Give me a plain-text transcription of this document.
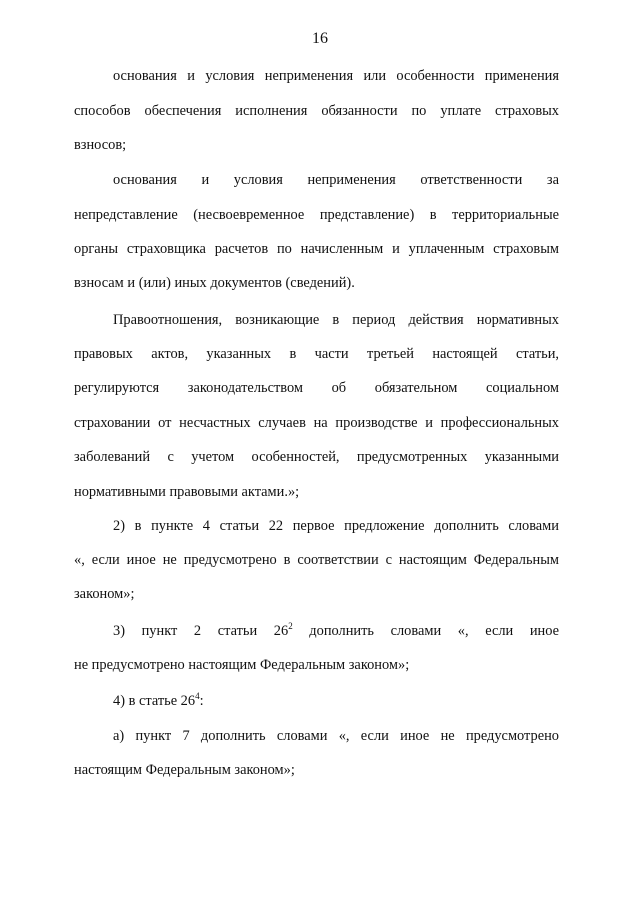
16
основания и условия неприменения или особенности применения
способов обеспечения исполнения обязанности по уплате страховых
взносов;
основания и условия неприменения ответственности за
непредставление (несвоевременное представление) в территориальные
органы страховщика расчетов по начисленным и уплаченным страховым
взносам и (или) иных документов (сведений).
Правоотношения, возникающие в период действия нормативных
правовых актов, указанных в части третьей настоящей статьи,
регулируются законодательством об обязательном социальном
страховании от несчастных случаев на производстве и профессиональных
заболеваний с учетом особенностей, предусмотренных указанными
нормативными правовыми актами.»;
2) в пункте 4 статьи 22 первое предложение дополнить словами
«, если иное не предусмотрено в соответствии с настоящим Федеральным
законом»;
3) пункт 2 статьи $26^2$ дополнить словами «, если иное
не предусмотрено настоящим Федеральным законом»;
4) в статье $26^4$:
а) пункт 7 дополнить словами «, если иное не предусмотрено
настоящим Федеральным законом»;
